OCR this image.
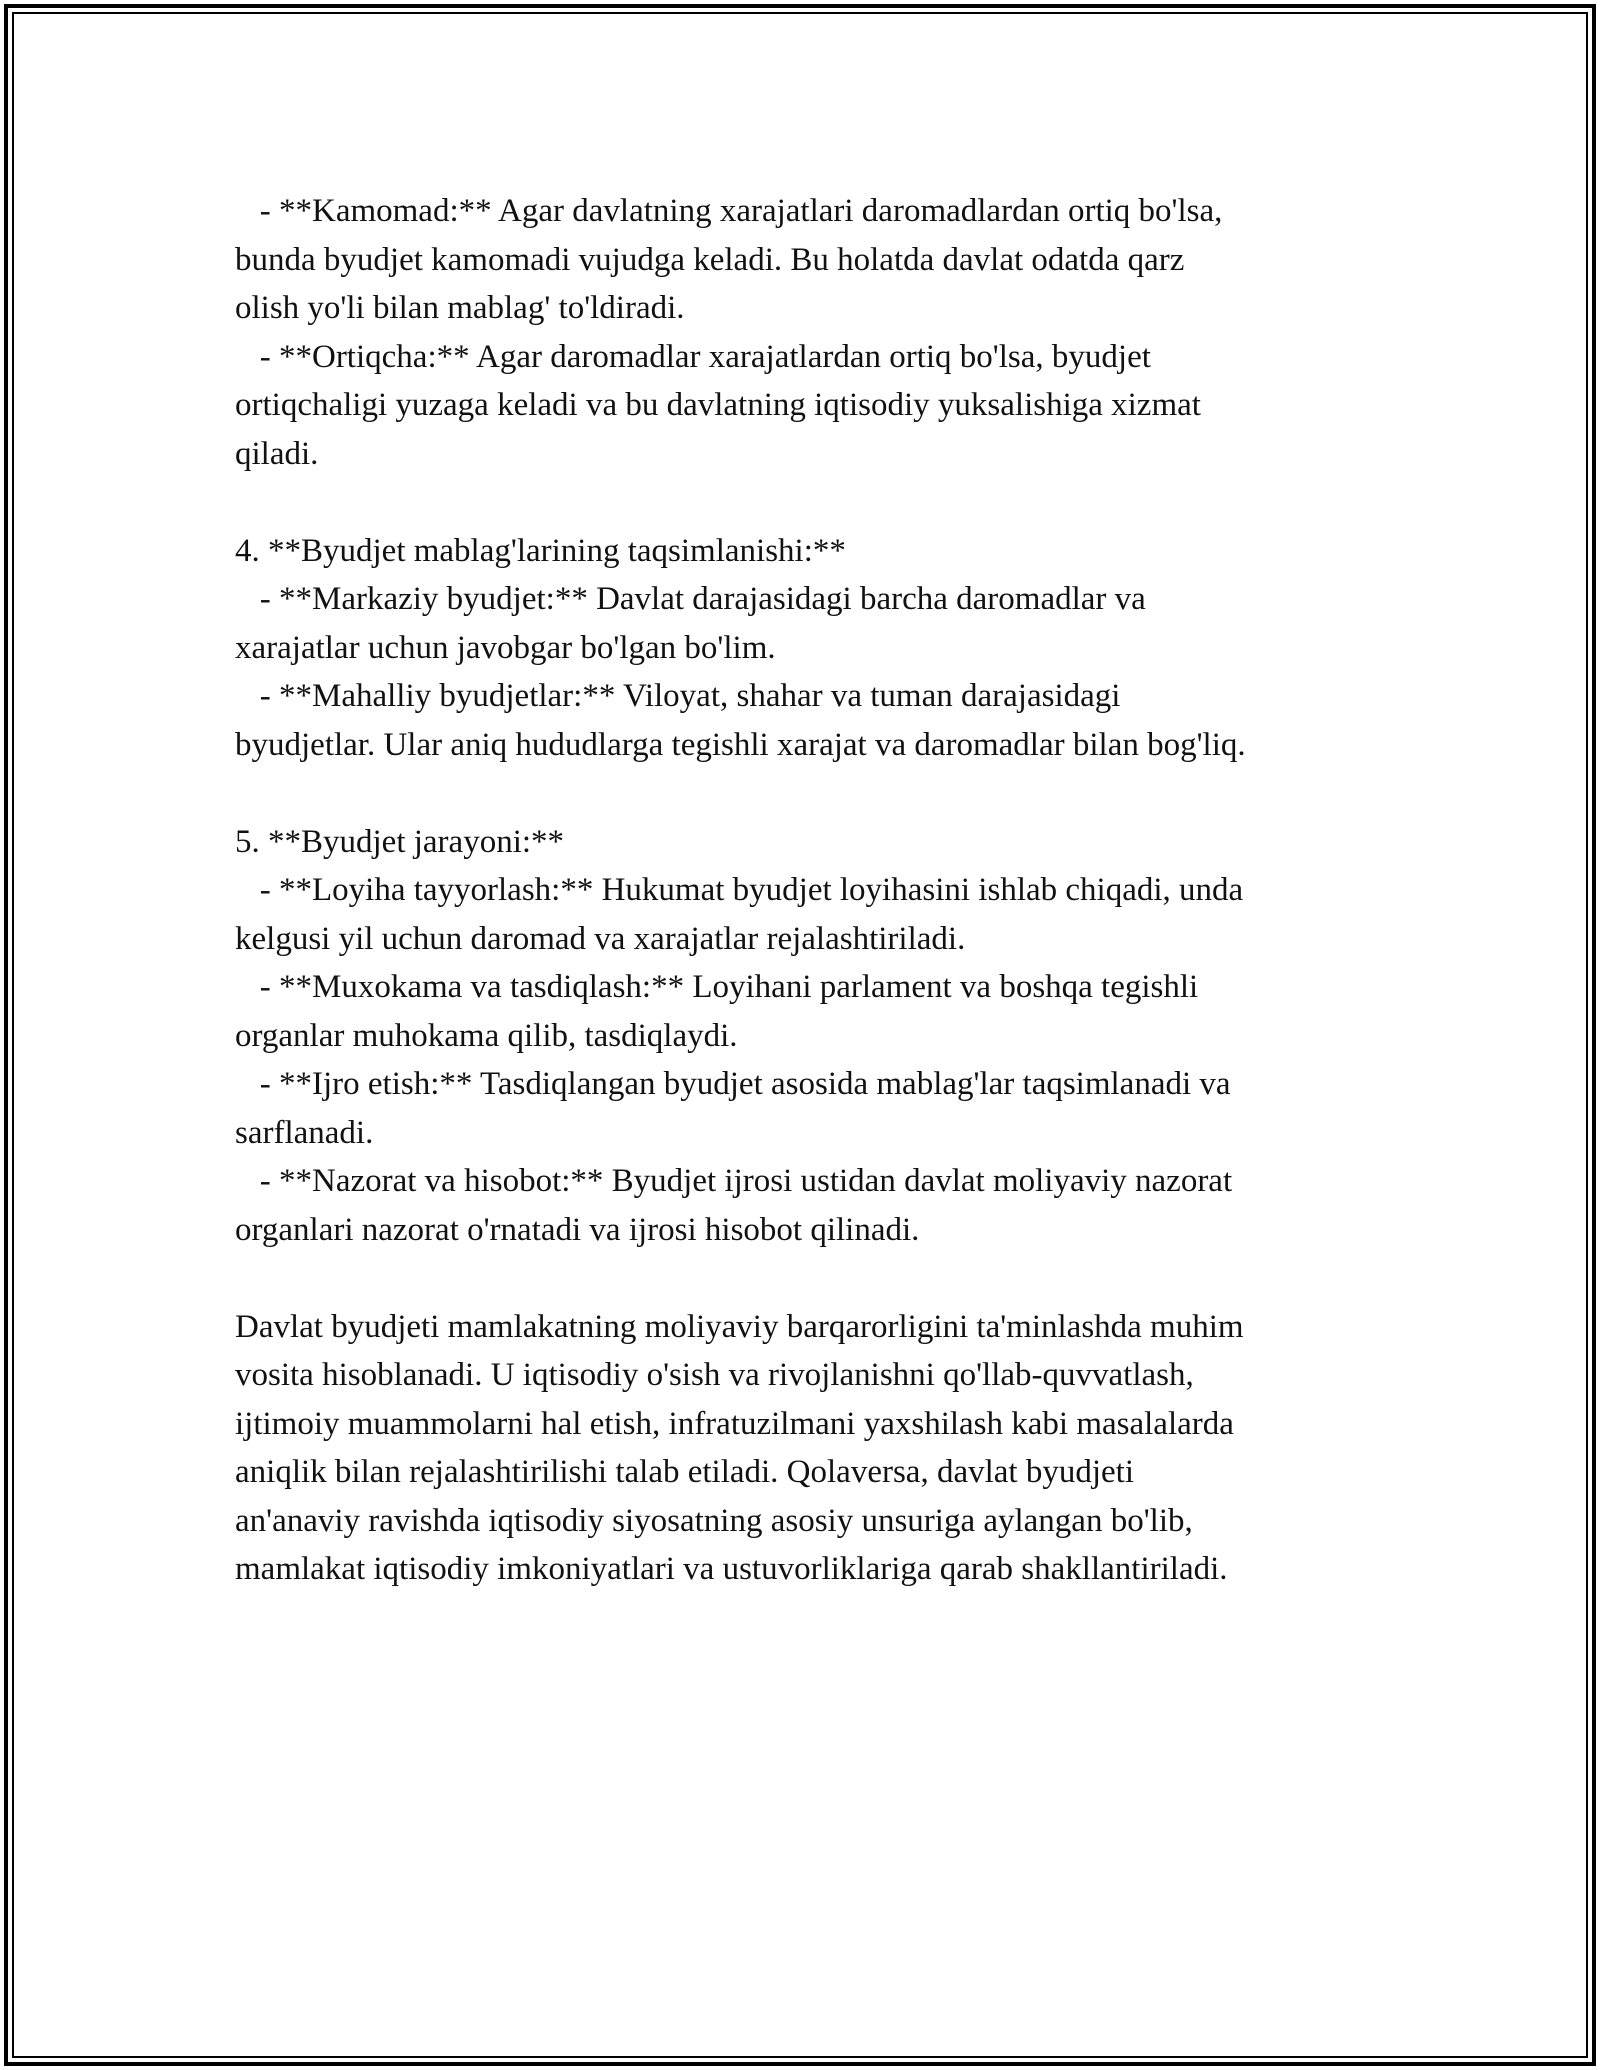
- **Kamomad:** Agar davlatning xarajatlari daromadlardan ortiq bo'lsa,
bunda byudjet kamomadi vujudga keladi. Bu holatda davlat odatda qarz
olish yo'li bilan mablag' to'ldiradi.
- **Ortiqcha:** Agar daromadlar xarajatlardan ortiq bo'lsa, byudjet
ortiqchaligi yuzaga keladi va bu davlatning iqtisodiy yuksalishiga xizmat
qiladi.
4. **Byudjet mablag'larining taqsimlanishi:**
- **Markaziy byudjet:** Davlat darajasidagi barcha daromadlar va
xarajatlar uchun javobgar bo'lgan bo'lim.
- **Mahalliy byudjetlar:** Viloyat, shahar va tuman darajasidagi
byudjetlar. Ular aniq hududlarga tegishli xarajat va daromadlar bilan bog'liq.
5. **Byudjet jarayoni:**
- **Loyiha tayyorlash:** Hukumat byudjet loyihasini ishlab chiqadi, unda
kelgusi yil uchun daromad va xarajatlar rejalashtiriladi.
- **Muxokama va tasdiqlash:** Loyihani parlament va boshqa tegishli
organlar muhokama qilib, tasdiqlaydi.
- **Ijro etish:** Tasdiqlangan byudjet asosida mablag'lar taqsimlanadi va
sarflanadi.
- **Nazorat va hisobot:** Byudjet ijrosi ustidan davlat moliyaviy nazorat
organlari nazorat o'rnatadi va ijrosi hisobot qilinadi.
Davlat byudjeti mamlakatning moliyaviy barqarorligini ta'minlashda muhim
vosita hisoblanadi. U iqtisodiy o'sish va rivojlanishni qo'llab-quvvatlash,
ijtimoiy muammolarni hal etish, infratuzilmani yaxshilash kabi masalalarda
aniqlik bilan rejalashtirilishi talab etiladi. Qolaversa, davlat byudjeti
an'anaviy ravishda iqtisodiy siyosatning asosiy unsuriga aylangan bo'lib,
mamlakat iqtisodiy imkoniyatlari va ustuvorliklariga qarab shakllantiriladi.
